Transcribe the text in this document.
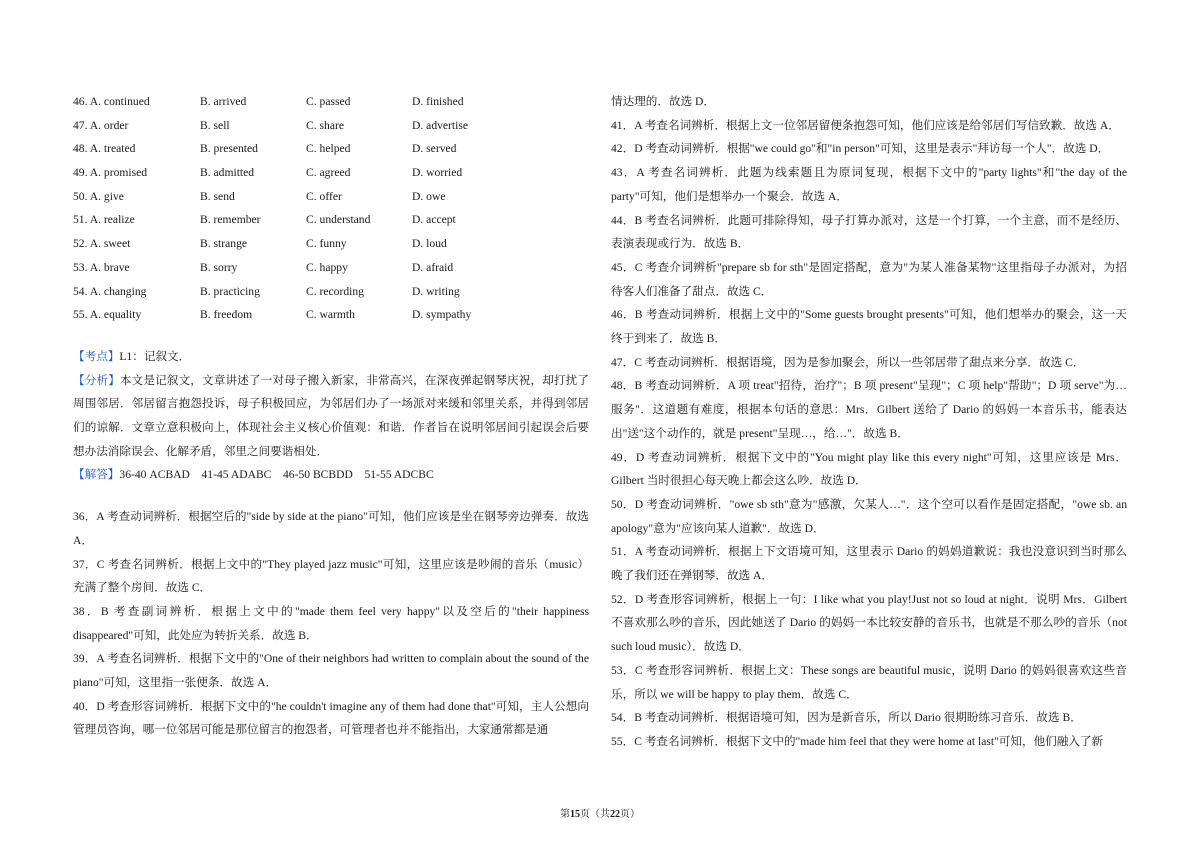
46. A. continued	B. arrived	C. passed	D. finished
47. A. order	B. sell	C. share	D. advertise
48. A. treated	B. presented	C. helped	D. served
49. A. promised	B. admitted	C. agreed	D. worried
50. A. give	B. send	C. offer	D. owe
51. A. realize	B. remember	C. understand	D. accept
52. A. sweet	B. strange	C. funny	D. loud
53. A. brave	B. sorry	C. happy	D. afraid
54. A. changing	B. practicing	C. recording	D. writing
55. A. equality	B. freedom	C. warmth	D. sympathy

【考点】L1：记叙文．

【分析】本文是记叙文，文章讲述了一对母子搬入新家，非常高兴，在深夜弹起钢琴庆祝，却打扰了周围邻居．邻居留言抱怨投诉，母子积极回应，为邻居们办了一场派对来缓和邻里关系，并得到邻居们的谅解．文章立意积极向上，体现社会主义核心价值观：和谐．作者旨在说明邻居间引起误会后要想办法消除误会、化解矛盾，邻里之间要谐相处．

【解答】36-40 ACBAD    41-45 ADABC    46-50 BCBDD    51-55 ADCBC

36．A 考查动词辨析．根据空后的"side by side at the piano"可知，他们应该是坐在钢琴旁边弹奏．故选 A．

37．C 考查名词辨析．根据上文中的"They played jazz music"可知，这里应该是吵闹的音乐（music）充满了整个房间．故选 C．

38．B 考查副词辨析．根据上文中的"made them feel very happy"以及空后的"their happiness disappeared"可知，此处应为转折关系．故选 B．

39．A 考查名词辨析．根据下文中的"One of their neighbors had written to complain about the sound of the piano"可知，这里指一张便条．故选 A．

40．D 考查形容词辨析．根据下文中的"he couldn't imagine any of them had done that"可知，主人公想向管理员咨询，哪一位邻居可能是那位留言的抱怨者，可管理者也并不能指出，大家通常都是通

情达理的．故选 D．

41．A 考查名词辨析．根据上文一位邻居留便条抱怨可知，他们应该是给邻居们写信致歉．故选 A．

42．D 考查动词辨析．根据"we could go"和"in person"可知，这里是表示"拜访每一个人"．故选 D．

43．A 考查名词辨析．此题为线索题且为原词复现，根据下文中的"party lights"和"the day of the party"可知，他们是想举办一个聚会．故选 A．

44．B 考查名词辨析．此题可排除得知，母子打算办派对，这是一个打算，一个主意，而不是经历、表演表现或行为．故选 B．

45．C 考查介词辨析"prepare sb for sth"是固定搭配，意为"为某人准备某物"这里指母子办派对，为招待客人们准备了甜点．故选 C．

46．B 考查动词辨析．根据上文中的"Some guests brought presents"可知，他们想举办的聚会，这一天终于到来了．故选 B．

47．C 考查动词辨析．根据语境，因为是参加聚会，所以一些邻居带了甜点来分享．故选 C．

48．B 考查动词辨析．A 项 treat"招待，治疗"；B 项 present"呈现"；C 项 help"帮助"；D 项 serve"为…服务"．这道题有难度，根据本句话的意思：Mrs．Gilbert 送给了 Dario 的妈妈一本音乐书，能表达出"送"这个动作的，就是 present"呈现…，给…"．故选 B．

49．D 考查动词辨析．根据下文中的"You might play like this every night"可知，这里应该是 Mrs．Gilbert 当时很担心每天晚上都会这么吵．故选 D．

50．D 考查动词辨析．"owe sb sth"意为"感激，欠某人…"．这个空可以看作是固定搭配，"owe sb. an apology"意为"应该向某人道歉"．故选 D．

51．A 考查动词辨析．根据上下文语境可知，这里表示 Dario 的妈妈道歉说：我也没意识到当时那么晚了我们还在弹钢琴．故选 A．

52．D 考查形容词辨析，根据上一句：I like what you play!Just not so loud at night．说明 Mrs．Gilbert 不喜欢那么吵的音乐，因此她送了 Dario 的妈妈一本比较安静的音乐书，也就是不那么吵的音乐（not such loud music）．故选 D．

53．C 考查形容词辨析．根据上文：These songs are beautiful music，说明 Dario 的妈妈很喜欢这些音乐，所以 we will be happy to play them．故选 C．

54．B 考查动词辨析．根据语境可知，因为是新音乐，所以 Dario 很期盼练习音乐．故选 B．

55．C 考查名词辨析．根据下文中的"made him feel that they were home at last"可知，他们融入了新

第15页（共22页）
